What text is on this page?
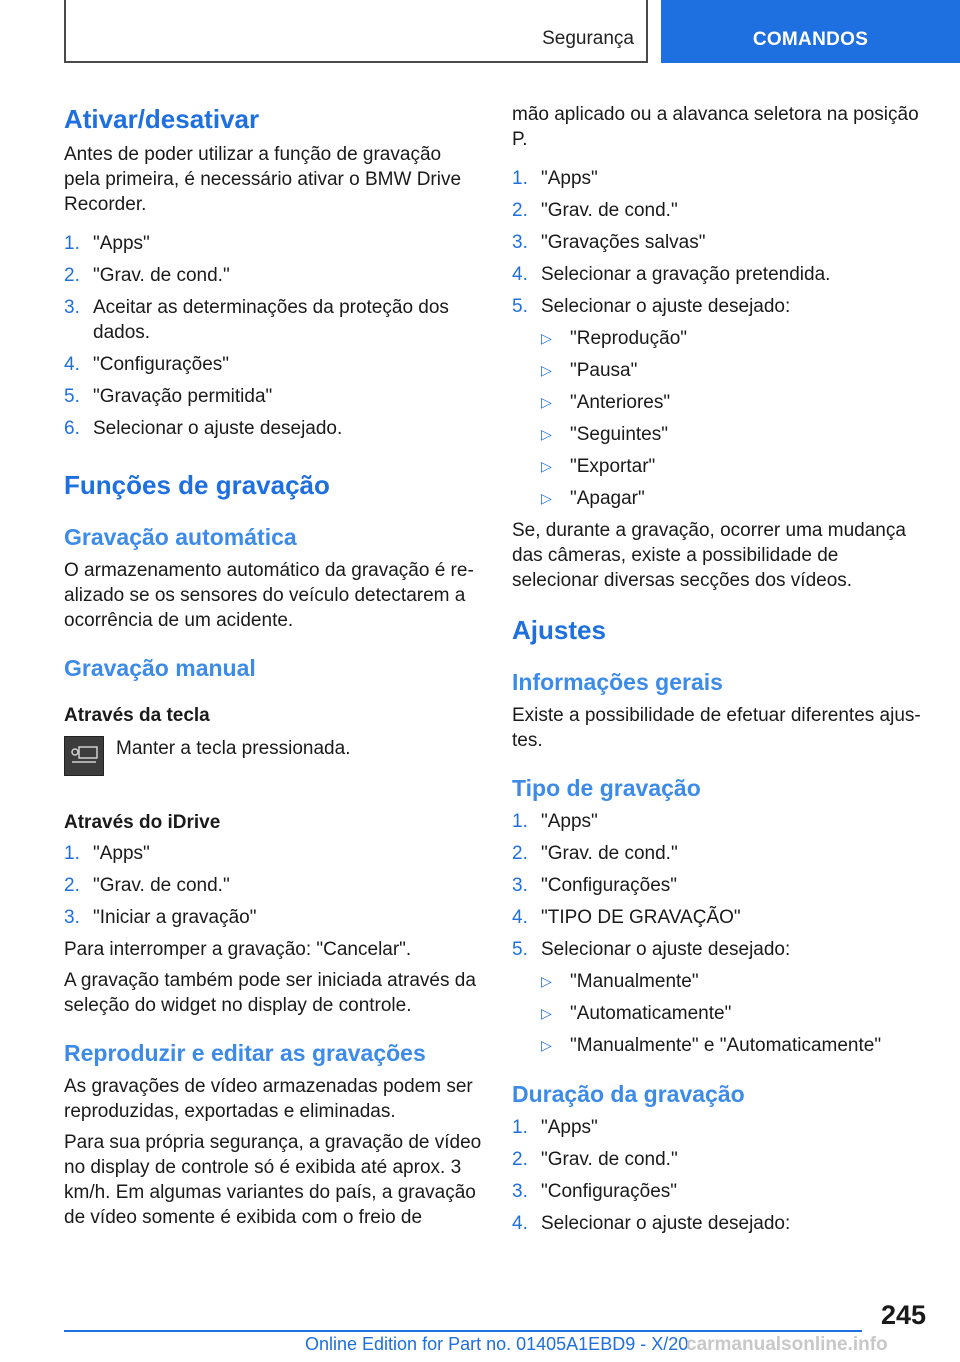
Segurança	COMANDOS
Ativar/desativar

Antes de poder utilizar a função de gravação pela primeira, é necessário ativar o BMW Drive Recorder.

1. "Apps"
2. "Grav. de cond."
3. Aceitar as determinações da proteção dos dados.
4. "Configurações"
5. "Gravação permitida"
6. Selecionar o ajuste desejado.
Funções de gravação
Gravação automática

O armazenamento automático da gravação é realizado se os sensores do veículo detectarem a ocorrência de um acidente.

Gravação manual
Através da tecla

Manter a tecla pressionada.

Através do iDrive
1. "Apps"
2. "Grav. de cond."
3. "Iniciar a gravação"

Para interromper a gravação: "Cancelar".

A gravação também pode ser iniciada através da seleção do widget no display de controle.

Reproduzir e editar as gravações

As gravações de vídeo armazenadas podem ser reproduzidas, exportadas e eliminadas.

Para sua própria segurança, a gravação de vídeo no display de controle só é exibida até aprox. 3 km/h. Em algumas variantes do país, a gravação de vídeo somente é exibida com o freio de

mão aplicado ou a alavanca seletora na posição P.

1. "Apps"
2. "Grav. de cond."
3. "Gravações salvas"
4. Selecionar a gravação pretendida.
5. Selecionar o ajuste desejado:
▷ "Reprodução"
▷ "Pausa"
▷ "Anteriores"
▷ "Seguintes"
▷ "Exportar"
▷ "Apagar"

Se, durante a gravação, ocorrer uma mudança das câmeras, existe a possibilidade de selecionar diversas secções dos vídeos.

Ajustes
Informações gerais

Existe a possibilidade de efetuar diferentes ajustes.

Tipo de gravação
1. "Apps"
2. "Grav. de cond."
3. "Configurações"
4. "TIPO DE GRAVAÇÃO"
5. Selecionar o ajuste desejado:
▷ "Manualmente"
▷ "Automaticamente"
▷ "Manualmente" e "Automaticamente"
Duração da gravação
1. "Apps"
2. "Grav. de cond."
3. "Configurações"
4. Selecionar o ajuste desejado:
245
Online Edition for Part no. 01405A1EBD9 - X/20
carmanualsonline.info
